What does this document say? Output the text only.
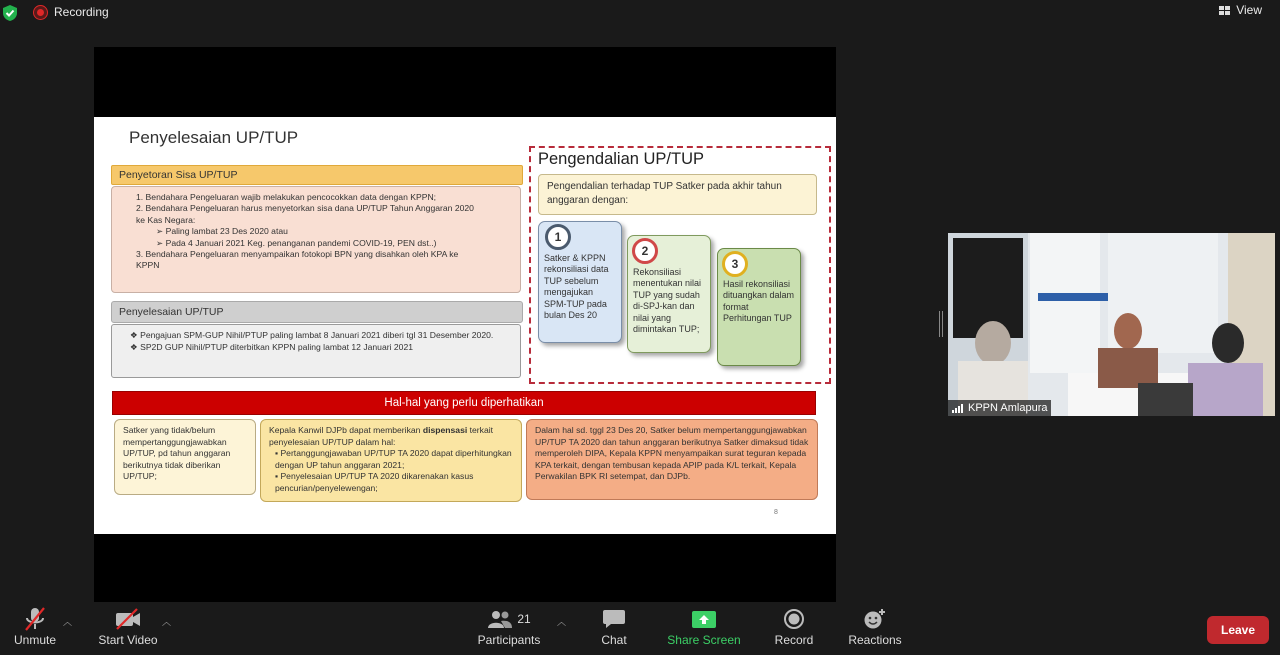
Recording	View
Penyelesaian UP/TUP
Penyetoran Sisa UP/TUP
1. Bendahara Pengeluaran wajib melakukan pencocokkan data dengan KPPN;
2. Bendahara Pengeluaran harus menyetorkan sisa dana UP/TUP Tahun Anggaran 2020
ke Kas Negara:
➢ Paling lambat 23 Des 2020 atau
➢ Pada 4 Januari 2021 Keg. penanganan pandemi COVID-19, PEN dst..)
3. Bendahara Pengeluaran menyampaikan fotokopi BPN yang disahkan oleh KPA ke
KPPN
Penyelesaian UP/TUP
❖ Pengajuan SPM-GUP Nihil/PTUP paling lambat 8 Januari 2021 diberi tgl 31 Desember 2020.
❖ SP2D GUP Nihil/PTUP diterbitkan KPPN paling lambat 12 Januari 2021
Pengendalian UP/TUP
Pengendalian terhadap TUP Satker pada akhir tahun anggaran dengan:
1
Satker & KPPN rekonsiliasi data TUP sebelum mengajukan SPM-TUP pada bulan Des 20
2
Rekonsiliasi menentukan nilai TUP yang sudah di-SPJ-kan dan nilai yang dimintakan TUP;
3
Hasil rekonsiliasi dituangkan dalam format Perhitungan TUP
Hal-hal yang perlu diperhatikan
Satker yang tidak/belum mempertanggungjawabkan UP/TUP, pd tahun anggaran berikutnya tidak diberikan UP/TUP;
Kepala Kanwil DJPb dapat memberikan dispensasi terkait penyelesaian UP/TUP dalam hal:
▪ Pertanggungjawaban UP/TUP TA 2020 dapat diperhitungkan dengan UP tahun anggaran 2021;
▪ Penyelesaian UP/TUP TA 2020 dikarenakan kasus pencurian/penyelewengan;
Dalam hal sd. tggl 23 Des 20, Satker belum mempertanggungjawabkan UP/TUP TA 2020 dan tahun anggaran berikutnya Satker dimaksud tidak memperoleh DIPA, Kepala KPPN menyampaikan surat teguran kepada KPA terkait, dengan tembusan kepada APIP pada K/L terkait, Kepala Perwakilan BPK RI setempat, dan DJPb.
8
KPPN Amlapura
Unmute
︿
Start Video
︿	21
Participants
︿
Chat	Share Screen	Record	Reactions
Leave
